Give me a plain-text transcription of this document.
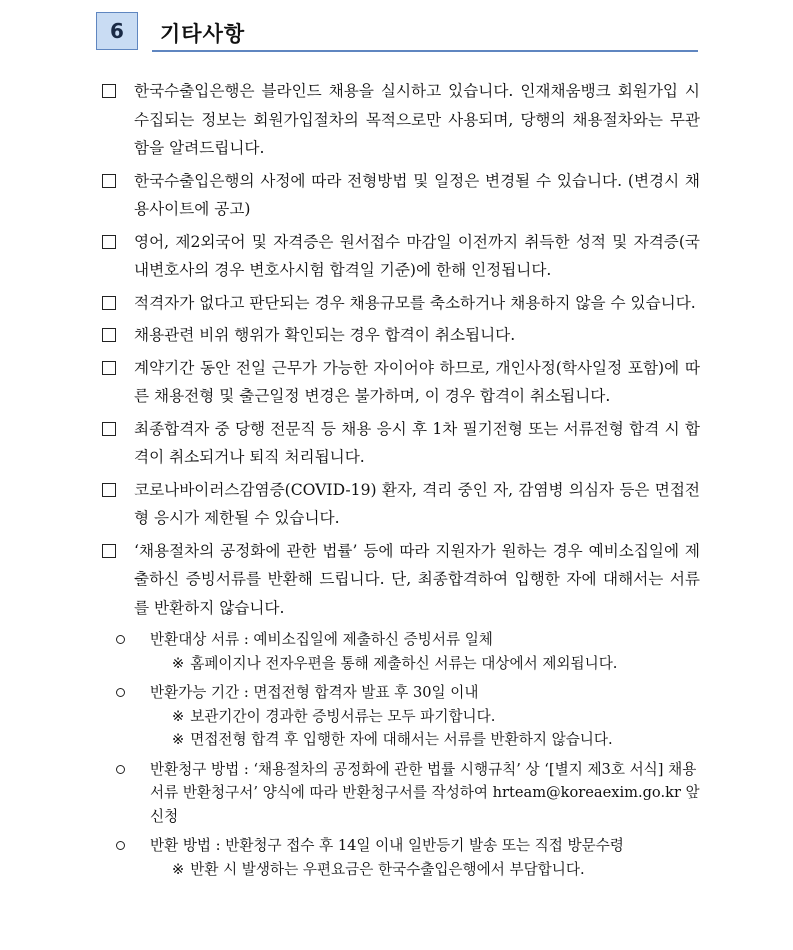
6	기타사항
한국수출입은행은 블라인드 채용을 실시하고 있습니다. 인재채움뱅크 회원가입 시 수집되는 정보는 회원가입절차의 목적으로만 사용되며, 당행의 채용절차와는 무관함을 알려드립니다.
한국수출입은행의 사정에 따라 전형방법 및 일정은 변경될 수 있습니다. (변경시 채용사이트에 공고)
영어, 제2외국어 및 자격증은 원서접수 마감일 이전까지 취득한 성적 및 자격증(국내변호사의 경우 변호사시험 합격일 기준)에 한해 인정됩니다.
적격자가 없다고 판단되는 경우 채용규모를 축소하거나 채용하지 않을 수 있습니다.
채용관련 비위 행위가 확인되는 경우 합격이 취소됩니다.
계약기간 동안 전일 근무가 가능한 자이어야 하므로, 개인사정(학사일정 포함)에 따른 채용전형 및 출근일정 변경은 불가하며, 이 경우 합격이 취소됩니다.
최종합격자 중 당행 전문직 등 채용 응시 후 1차 필기전형 또는 서류전형 합격 시 합격이 취소되거나 퇴직 처리됩니다.
코로나바이러스감염증(COVID-19) 환자, 격리 중인 자, 감염병 의심자 등은 면접전형 응시가 제한될 수 있습니다.
‘채용절차의 공정화에 관한 법률’ 등에 따라 지원자가 원하는 경우 예비소집일에 제출하신 증빙서류를 반환해 드립니다. 단, 최종합격하여 입행한 자에 대해서는 서류를 반환하지 않습니다.
반환대상 서류 : 예비소집일에 제출하신 증빙서류 일체
※ 홈페이지나 전자우편을 통해 제출하신 서류는 대상에서 제외됩니다.
반환가능 기간 : 면접전형 합격자 발표 후 30일 이내
※ 보관기간이 경과한 증빙서류는 모두 파기합니다.
※ 면접전형 합격 후 입행한 자에 대해서는 서류를 반환하지 않습니다.
반환청구 방법 : ‘채용절차의 공정화에 관한 법률 시행규칙’ 상 ‘[별지 제3호 서식] 채용서류 반환청구서’ 양식에 따라 반환청구서를 작성하여 hrteam@koreaexim.go.kr 앞 신청
반환 방법 : 반환청구 접수 후 14일 이내 일반등기 발송 또는 직접 방문수령
※ 반환 시 발생하는 우편요금은 한국수출입은행에서 부담합니다.
